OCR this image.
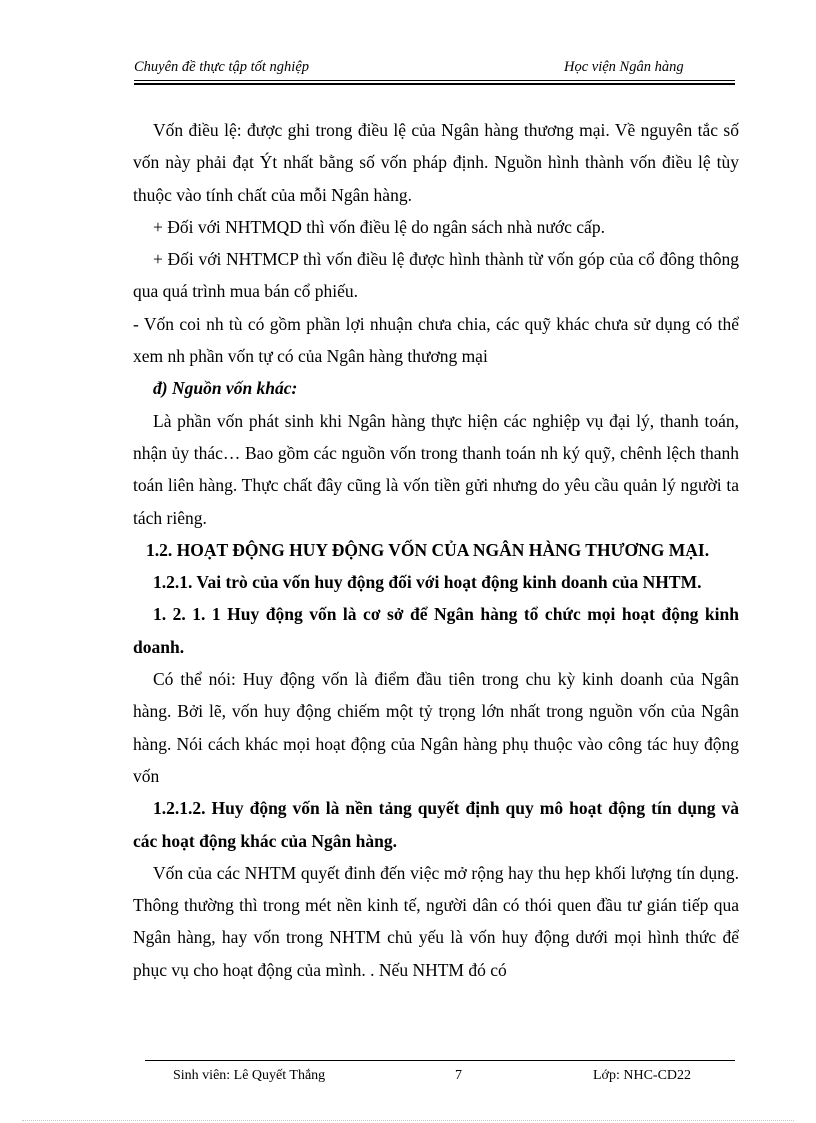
Chuyên đề thực tập tốt nghiệp	Học viện Ngân hàng

Vốn điều lệ: được ghi trong điều lệ của Ngân hàng thương mại. Về nguyên tắc số vốn này phải đạt Ýt nhất bằng số vốn pháp định. Nguồn hình thành vốn điều lệ tùy thuộc vào tính chất của mỗi Ngân hàng.

+ Đối với NHTMQD thì vốn điều lệ do ngân sách nhà nước cấp.

+ Đối với NHTMCP thì vốn điều lệ được hình thành từ vốn góp của cổ đông thông qua quá trình mua bán cổ phiếu.

- Vốn coi nh tù có gồm phần lợi nhuận chưa chia, các quỹ khác chưa sử dụng có thể xem nh phần vốn tự có của Ngân hàng thương mại

đ) Nguồn vốn khác:

Là phần vốn phát sinh khi Ngân hàng thực hiện các nghiệp vụ đại lý, thanh toán, nhận ủy thác… Bao gồm các nguồn vốn trong thanh toán nh ký quỹ, chênh lệch thanh toán liên hàng. Thực chất đây cũng là vốn tiền gửi nhưng do yêu cầu quản lý người ta tách riêng.

1.2. HOẠT ĐỘNG HUY ĐỘNG VỐN CỦA NGÂN HÀNG THƯƠNG MẠI.

1.2.1. Vai trò của vốn huy động đối với hoạt động kinh doanh của NHTM.

1. 2. 1. 1 Huy động vốn là cơ sở để Ngân hàng tổ chức mọi hoạt động kinh doanh.

Có thể nói: Huy động vốn là điểm đầu tiên trong chu kỳ kinh doanh của Ngân hàng. Bởi lẽ, vốn huy động chiếm một tỷ trọng lớn nhất trong nguồn vốn của Ngân hàng. Nói cách khác mọi hoạt động của Ngân hàng phụ thuộc vào công tác huy động vốn

1.2.1.2. Huy động vốn là nền tảng quyết định quy mô hoạt động tín dụng và các hoạt động khác của Ngân hàng.

Vốn của các NHTM quyết đinh đến việc mở rộng hay thu hẹp khối lượng tín dụng. Thông thường thì trong mét nền kinh tế, người dân có thói quen đầu tư gián tiếp qua Ngân hàng, hay vốn trong NHTM chủ yếu là vốn huy động dưới mọi hình thức để phục vụ cho hoạt động của mình. . Nếu NHTM đó có

Sinh viên: Lê Quyết Thắng	7	Lớp: NHC-CD22
